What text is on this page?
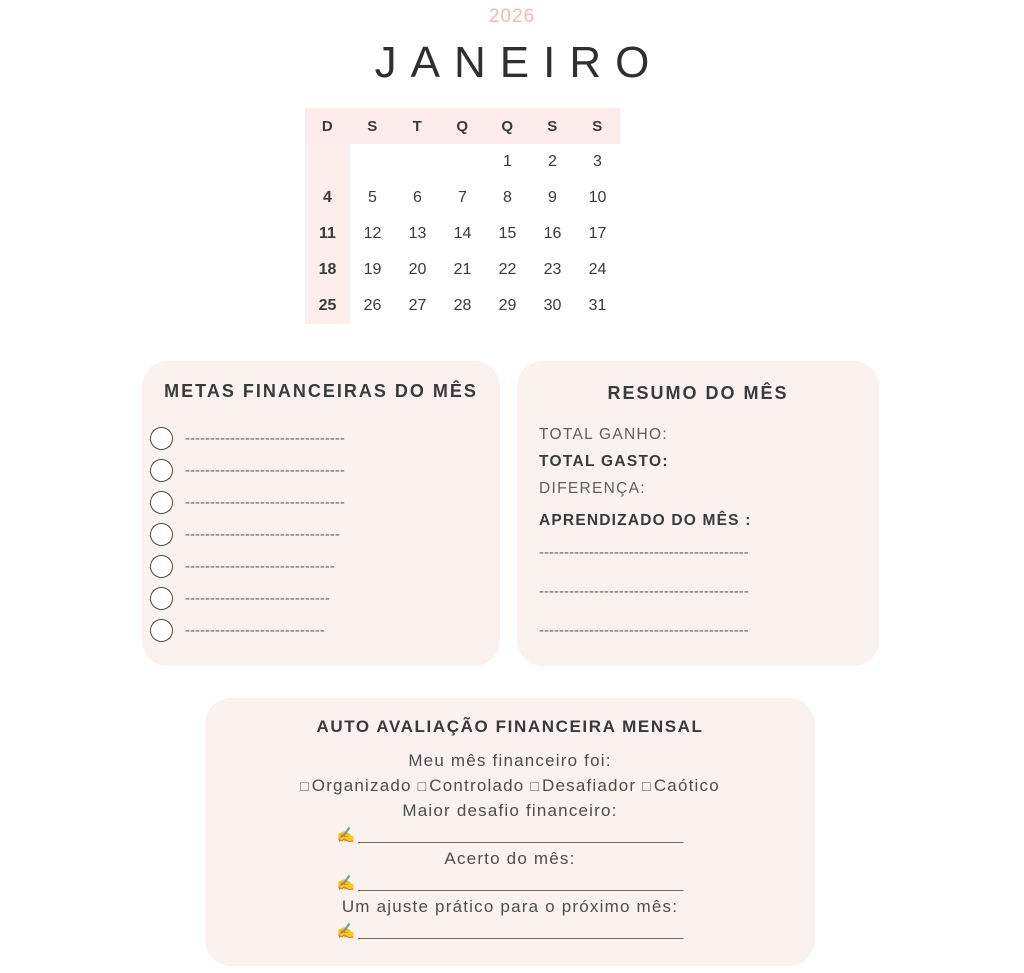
2026
JANEIRO
D	S	T	Q	Q	S	S
				1	2	3
4	5	6	7	8	9	10
11	12	13	14	15	16	17
18	19	20	21	22	23	24
25	26	27	28	29	30	31
METAS FINANCEIRAS DO MÊS
--------------------------------
--------------------------------
--------------------------------
-------------------------------
------------------------------
-----------------------------
----------------------------
RESUMO DO MÊS
TOTAL GANHO:
TOTAL GASTO:
DIFERENÇA:
APRENDIZADO DO MÊS :
------------------------------------------
------------------------------------------
------------------------------------------
AUTO AVALIAÇÃO FINANCEIRA MENSAL
Meu mês financeiro foi:
□ Organizado □ Controlado □ Desafiador □ Caótico
Maior desafio financeiro:
✍ _______________________________________
Acerto do mês:
✍ _______________________________________
Um ajuste prático para o próximo mês:
✍ _______________________________________
